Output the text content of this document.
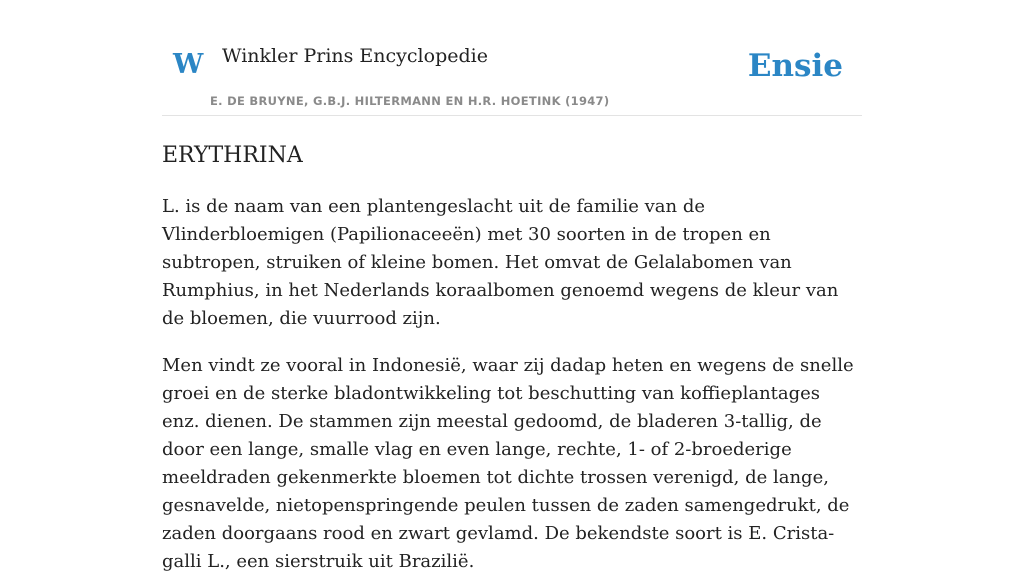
W Winkler Prins Encyclopedie	Ensie
E. DE BRUYNE, G.B.J. HILTERMANN EN H.R. HOETINK (1947)
ERYTHRINA

L. is de naam van een plantengeslacht uit de familie van de Vlinderbloemigen (Papilionaceeën) met 30 soorten in de tropen en subtropen, struiken of kleine bomen. Het omvat de Gelalabomen van Rumphius, in het Nederlands koraalbomen genoemd wegens de kleur van de bloemen, die vuurrood zijn.

Men vindt ze vooral in Indonesië, waar zij dadap heten en wegens de snelle groei en de sterke bladontwikkeling tot beschutting van koffieplantages enz. dienen. De stammen zijn meestal gedoomd, de bladeren 3-tallig, de door een lange, smalle vlag en even lange, rechte, 1- of 2-broederige meeldraden gekenmerkte bloemen tot dichte trossen verenigd, de lange, gesnavelde, nietopenspringende peulen tussen de zaden samengedrukt, de zaden doorgaans rood en zwart gevlamd. De bekendste soort is E. Crista-galli L., een sierstruik uit Brazilië.
